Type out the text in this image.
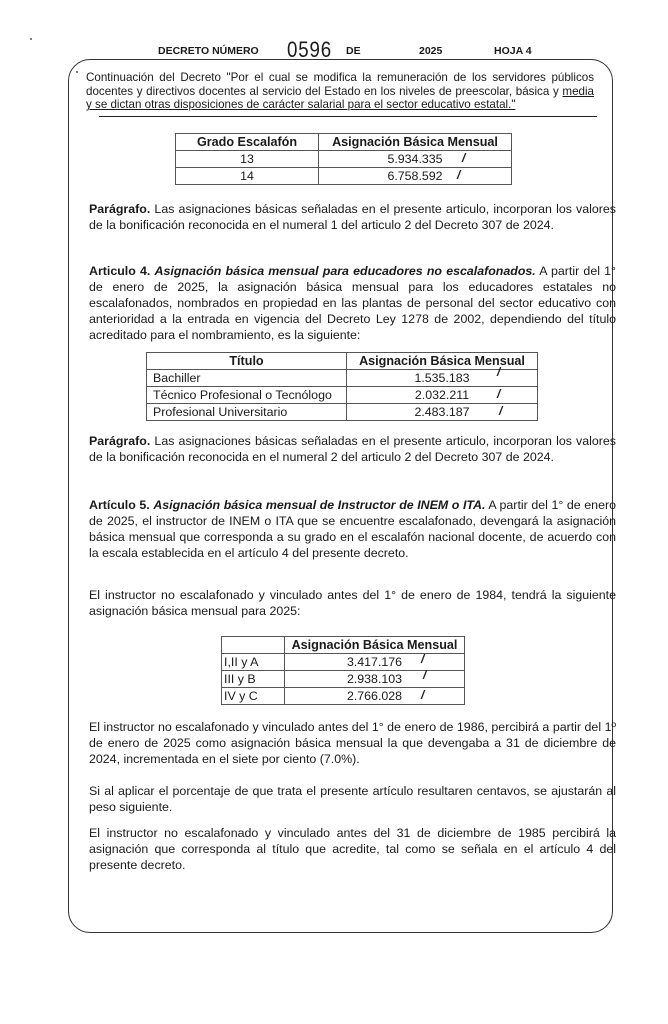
DECRETO NÚMERO 0596 DE	2025	HOJA 4
Continuación del Decreto "Por el cual se modifica la remuneración de los servidores públicos docentes y directivos docentes al servicio del Estado en los niveles de preescolar, básica y media y se dictan otras disposiciones de carácter salarial para el sector educativo estatal."
Grado Escalafón	Asignación Básica Mensual
13	5.934.335 /

14	6.758.592 /
Parágrafo. Las asignaciones básicas señaladas en el presente articulo, incorporan los valores de la bonificación reconocida en el numeral 1 del articulo 2 del Decreto 307 de 2024.
Articulo 4. Asignación básica mensual para educadores no escalafonados. A partir del 1° de enero de 2025, la asignación básica mensual para los educadores estatales no escalafonados, nombrados en propiedad en las plantas de personal del sector educativo con anterioridad a la entrada en vigencia del Decreto Ley 1278 de 2002, dependiendo del título acreditado para el nombramiento, es la siguiente:
Título	Asignación Básica Mensual
Bachiller	1.535.183 /

Técnico Profesional o Tecnólogo	2.032.211 /

Profesional Universitario	2.483.187 /
Parágrafo. Las asignaciones básicas señaladas en el presente articulo, incorporan los valores de la bonificación reconocida en el numeral 2 del articulo 2 del Decreto 307 de 2024.
Artículo 5. Asignación básica mensual de Instructor de INEM o ITA. A partir del 1° de enero de 2025, el instructor de INEM o ITA que se encuentre escalafonado, devengará la asignación básica mensual que corresponda a su grado en el escalafón nacional docente, de acuerdo con la escala establecida en el artículo 4 del presente decreto.
El instructor no escalafonado y vinculado antes del 1° de enero de 1984, tendrá la siguiente asignación básica mensual para 2025:
	Asignación Básica Mensual
I,II y A	3.417.176 /

III y B	2.938.103 /

IV y C	2.766.028 /
El instructor no escalafonado y vinculado antes del 1° de enero de 1986, percibirá a partir del 1º de enero de 2025 como asignación básica mensual la que devengaba a 31 de diciembre de 2024, incrementada en el siete por ciento (7.0%).
Si al aplicar el porcentaje de que trata el presente artículo resultaren centavos, se ajustarán al peso siguiente.
El instructor no escalafonado y vinculado antes del 31 de diciembre de 1985 percibirá la asignación que corresponda al título que acredite, tal como se señala en el artículo 4 del presente decreto.
